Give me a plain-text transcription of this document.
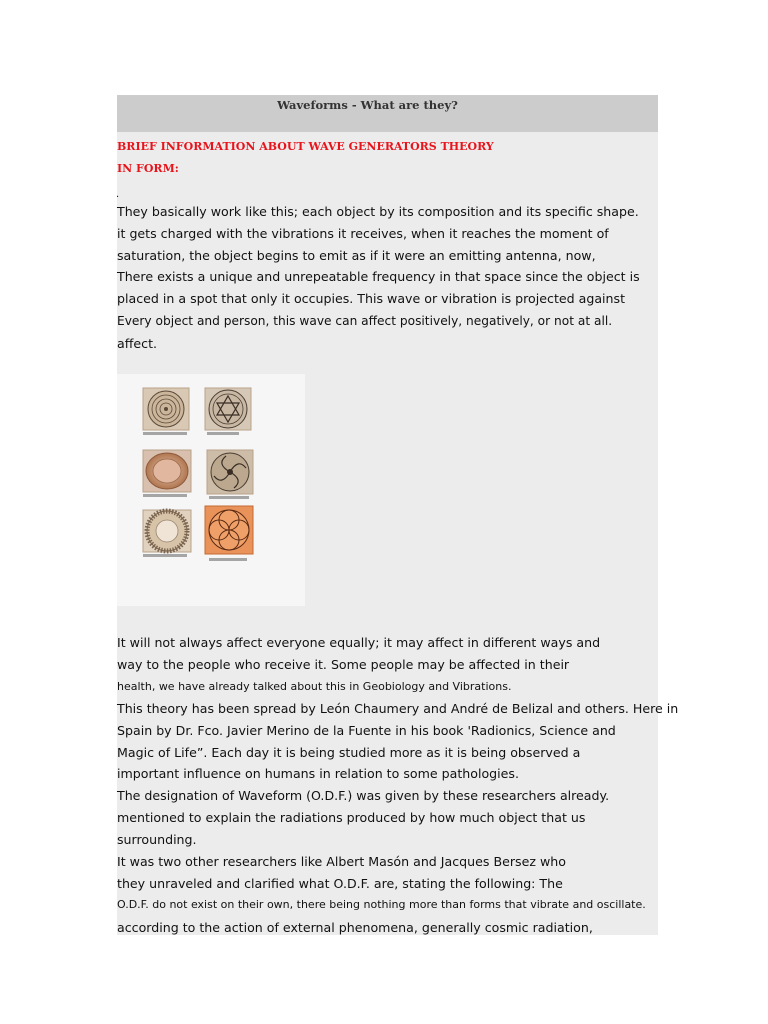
Waveforms - What are they?
BRIEF INFORMATION ABOUT WAVE GENERATORS THEORY
IN FORM:
.
They basically work like this; each object by its composition and its specific shape.
it gets charged with the vibrations it receives, when it reaches the moment of
saturation, the object begins to emit as if it were an emitting antenna, now,
There exists a unique and unrepeatable frequency in that space since the object is
placed in a spot that only it occupies. This wave or vibration is projected against
Every object and person, this wave can affect positively, negatively, or not at all.
affect.
It will not always affect everyone equally; it may affect in different ways and
way to the people who receive it. Some people may be affected in their
health, we have already talked about this in Geobiology and Vibrations.
This theory has been spread by León Chaumery and André de Belizal and others. Here in
Spain by Dr. Fco. Javier Merino de la Fuente in his book 'Radionics, Science and
Magic of Life”. Each day it is being studied more as it is being observed a
important influence on humans in relation to some pathologies.
The designation of Waveform (O.D.F.) was given by these researchers already.
mentioned to explain the radiations produced by how much object that us
surrounding.
It was two other researchers like Albert Masón and Jacques Bersez who
they unraveled and clarified what O.D.F. are, stating the following: The
O.D.F. do not exist on their own, there being nothing more than forms that vibrate and oscillate.
according to the action of external phenomena, generally cosmic radiation,
